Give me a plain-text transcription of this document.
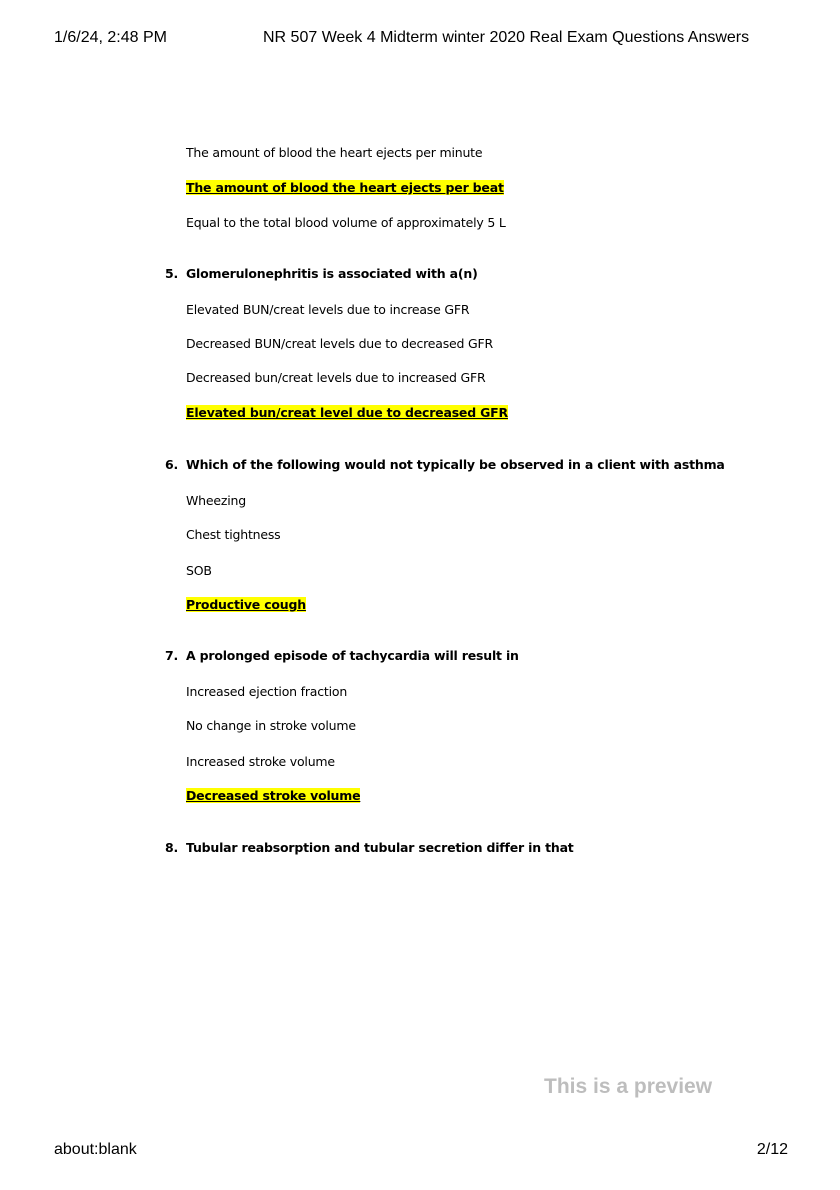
1/6/24, 2:48 PM	NR 507 Week 4 Midterm winter 2020 Real Exam Questions Answers
The amount of blood the heart ejects per minute
The amount of blood the heart ejects per beat
Equal to the total blood volume of approximately 5 L
5. Glomerulonephritis is associated with a(n)
Elevated BUN/creat levels due to increase GFR
Decreased BUN/creat levels due to decreased GFR
Decreased bun/creat levels due to increased GFR
Elevated bun/creat level due to decreased GFR
6. Which of the following would not typically be observed in a client with asthma
Wheezing
Chest tightness
SOB
Productive cough
7. A prolonged episode of tachycardia will result in
Increased ejection fraction
No change in stroke volume
Increased stroke volume
Decreased stroke volume
8. Tubular reabsorption and tubular secretion differ in that
This is a preview
about:blank	2/12
